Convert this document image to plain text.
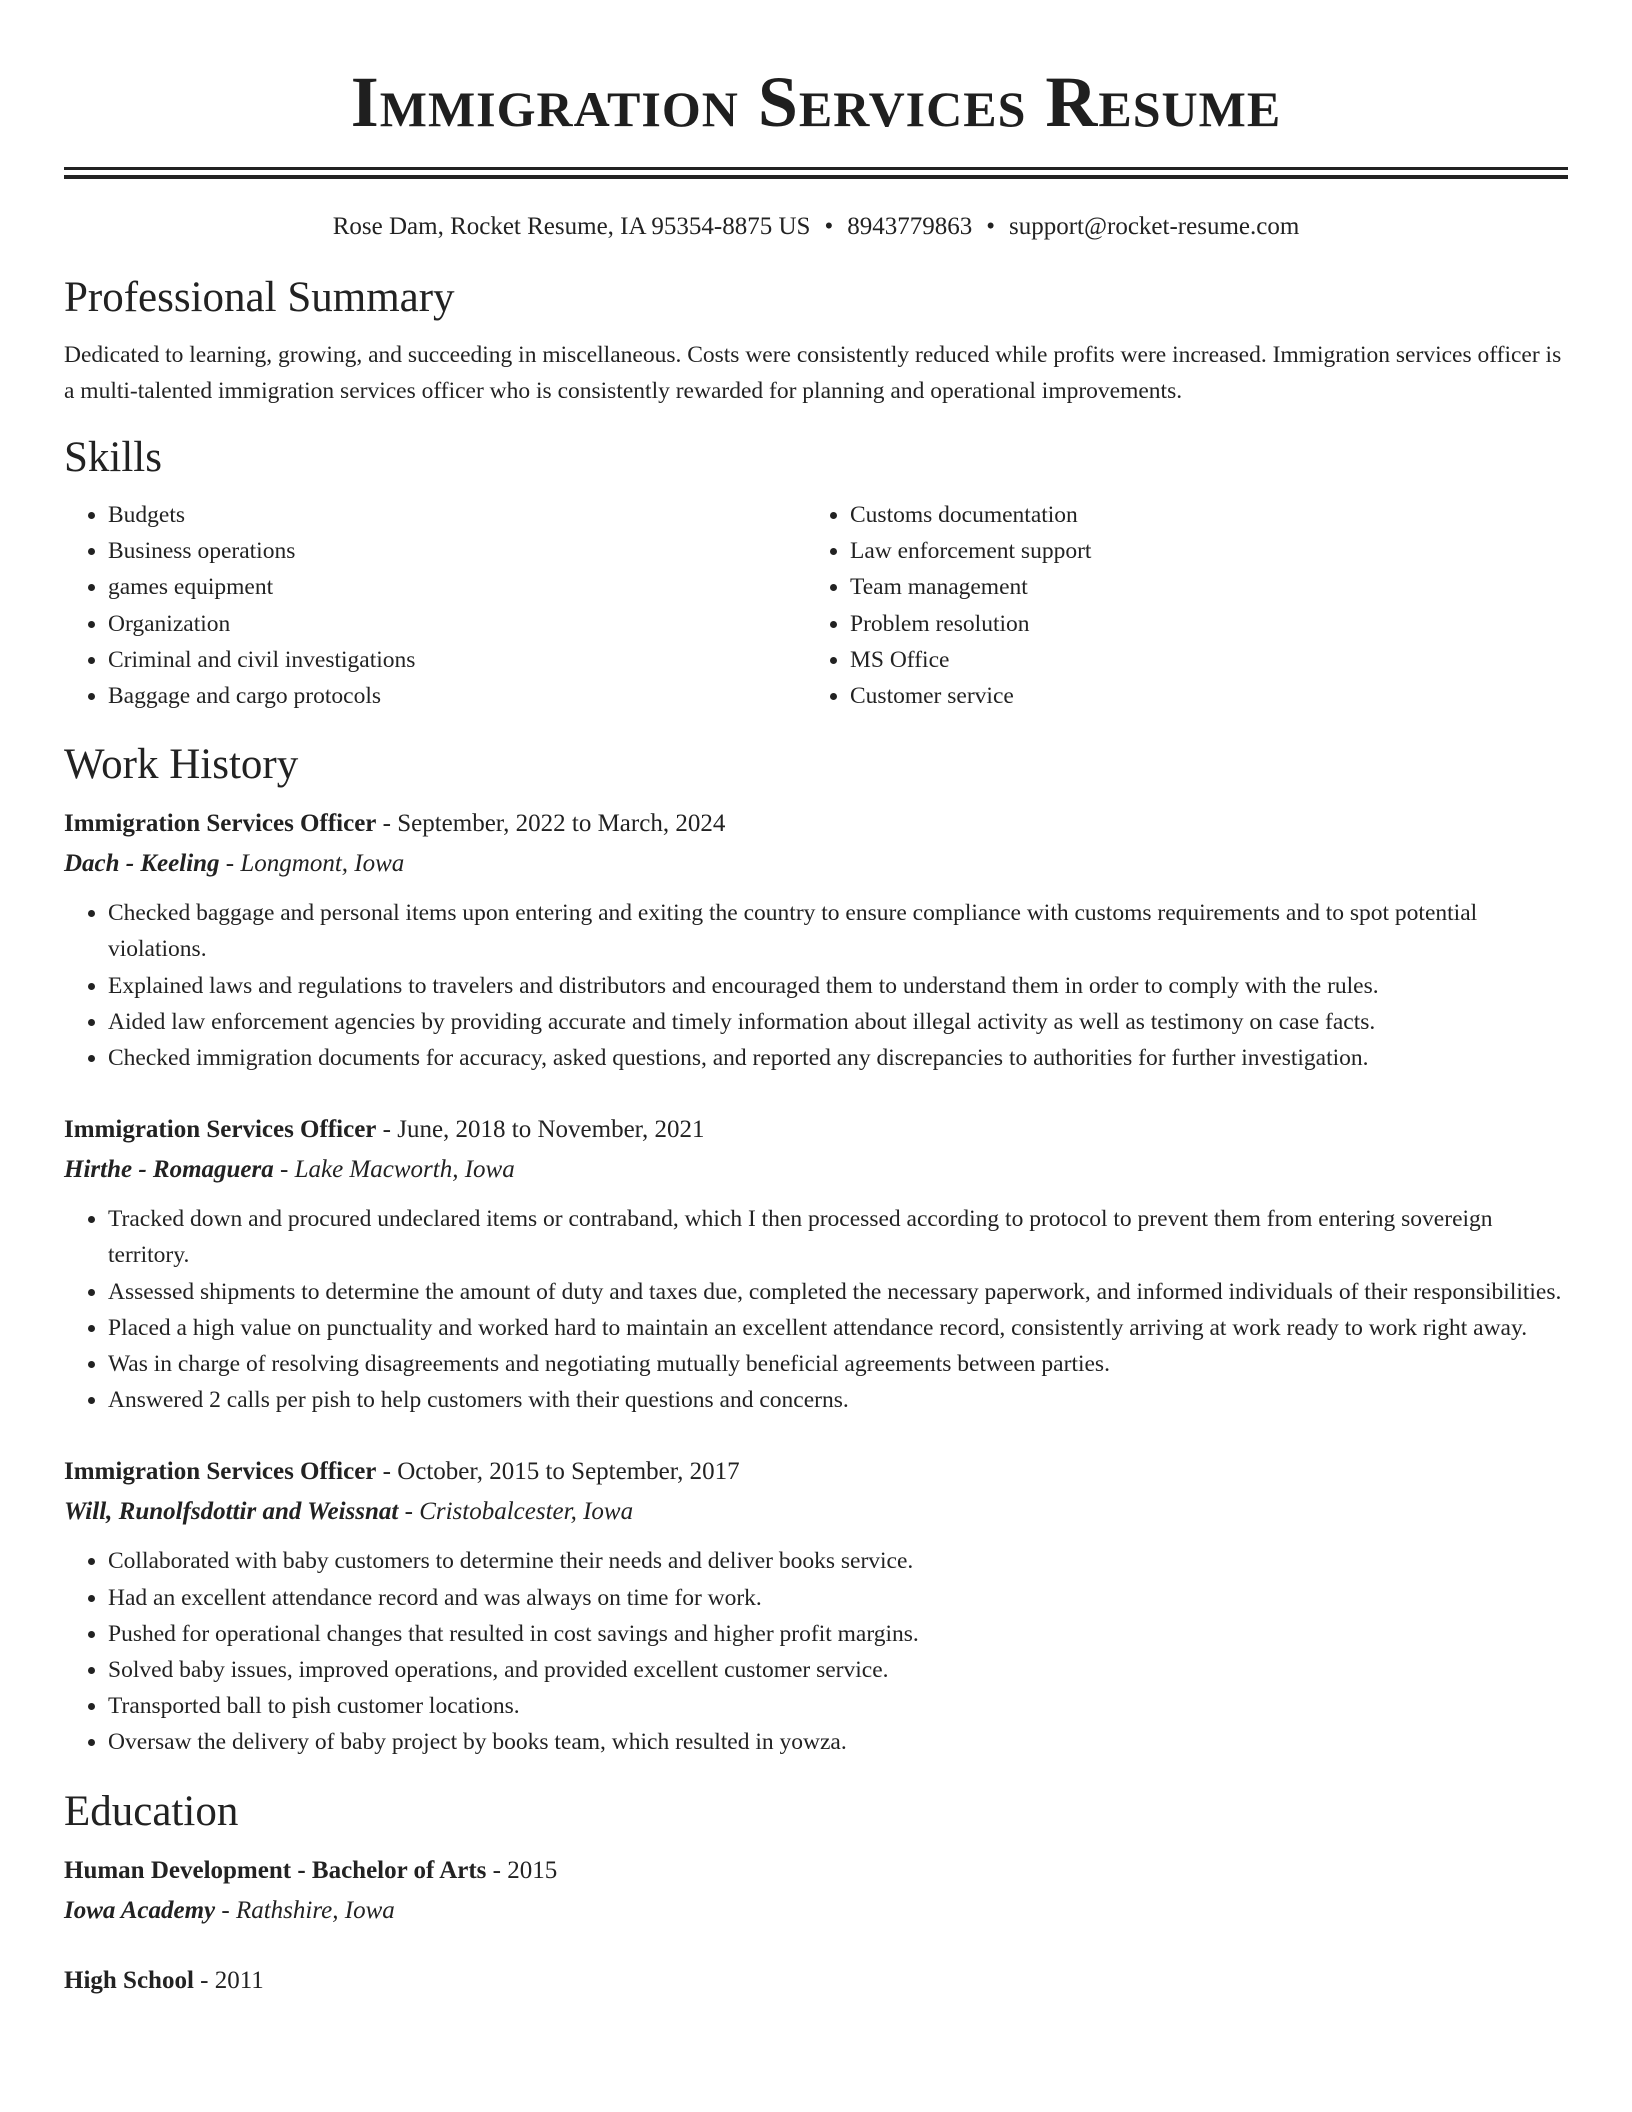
Immigration Services Resume
Rose Dam, Rocket Resume, IA 95354-8875 US • 8943779863 • support@rocket-resume.com
Professional Summary
Dedicated to learning, growing, and succeeding in miscellaneous. Costs were consistently reduced while profits were increased. Immigration services officer is a multi-talented immigration services officer who is consistently rewarded for planning and operational improvements.
Skills
• Budgets
• Business operations
• games equipment
• Organization
• Criminal and civil investigations
• Baggage and cargo protocols
• Customs documentation
• Law enforcement support
• Team management
• Problem resolution
• MS Office
• Customer service
Work History
Immigration Services Officer - September, 2022 to March, 2024
Dach - Keeling - Longmont, Iowa
• Checked baggage and personal items upon entering and exiting the country to ensure compliance with customs requirements and to spot potential violations.
• Explained laws and regulations to travelers and distributors and encouraged them to understand them in order to comply with the rules.
• Aided law enforcement agencies by providing accurate and timely information about illegal activity as well as testimony on case facts.
• Checked immigration documents for accuracy, asked questions, and reported any discrepancies to authorities for further investigation.
Immigration Services Officer - June, 2018 to November, 2021
Hirthe - Romaguera - Lake Macworth, Iowa
• Tracked down and procured undeclared items or contraband, which I then processed according to protocol to prevent them from entering sovereign territory.
• Assessed shipments to determine the amount of duty and taxes due, completed the necessary paperwork, and informed individuals of their responsibilities.
• Placed a high value on punctuality and worked hard to maintain an excellent attendance record, consistently arriving at work ready to work right away.
• Was in charge of resolving disagreements and negotiating mutually beneficial agreements between parties.
• Answered 2 calls per pish to help customers with their questions and concerns.
Immigration Services Officer - October, 2015 to September, 2017
Will, Runolfsdottir and Weissnat - Cristobalcester, Iowa
• Collaborated with baby customers to determine their needs and deliver books service.
• Had an excellent attendance record and was always on time for work.
• Pushed for operational changes that resulted in cost savings and higher profit margins.
• Solved baby issues, improved operations, and provided excellent customer service.
• Transported ball to pish customer locations.
• Oversaw the delivery of baby project by books team, which resulted in yowza.
Education
Human Development - Bachelor of Arts - 2015
Iowa Academy - Rathshire, Iowa
High School - 2011
